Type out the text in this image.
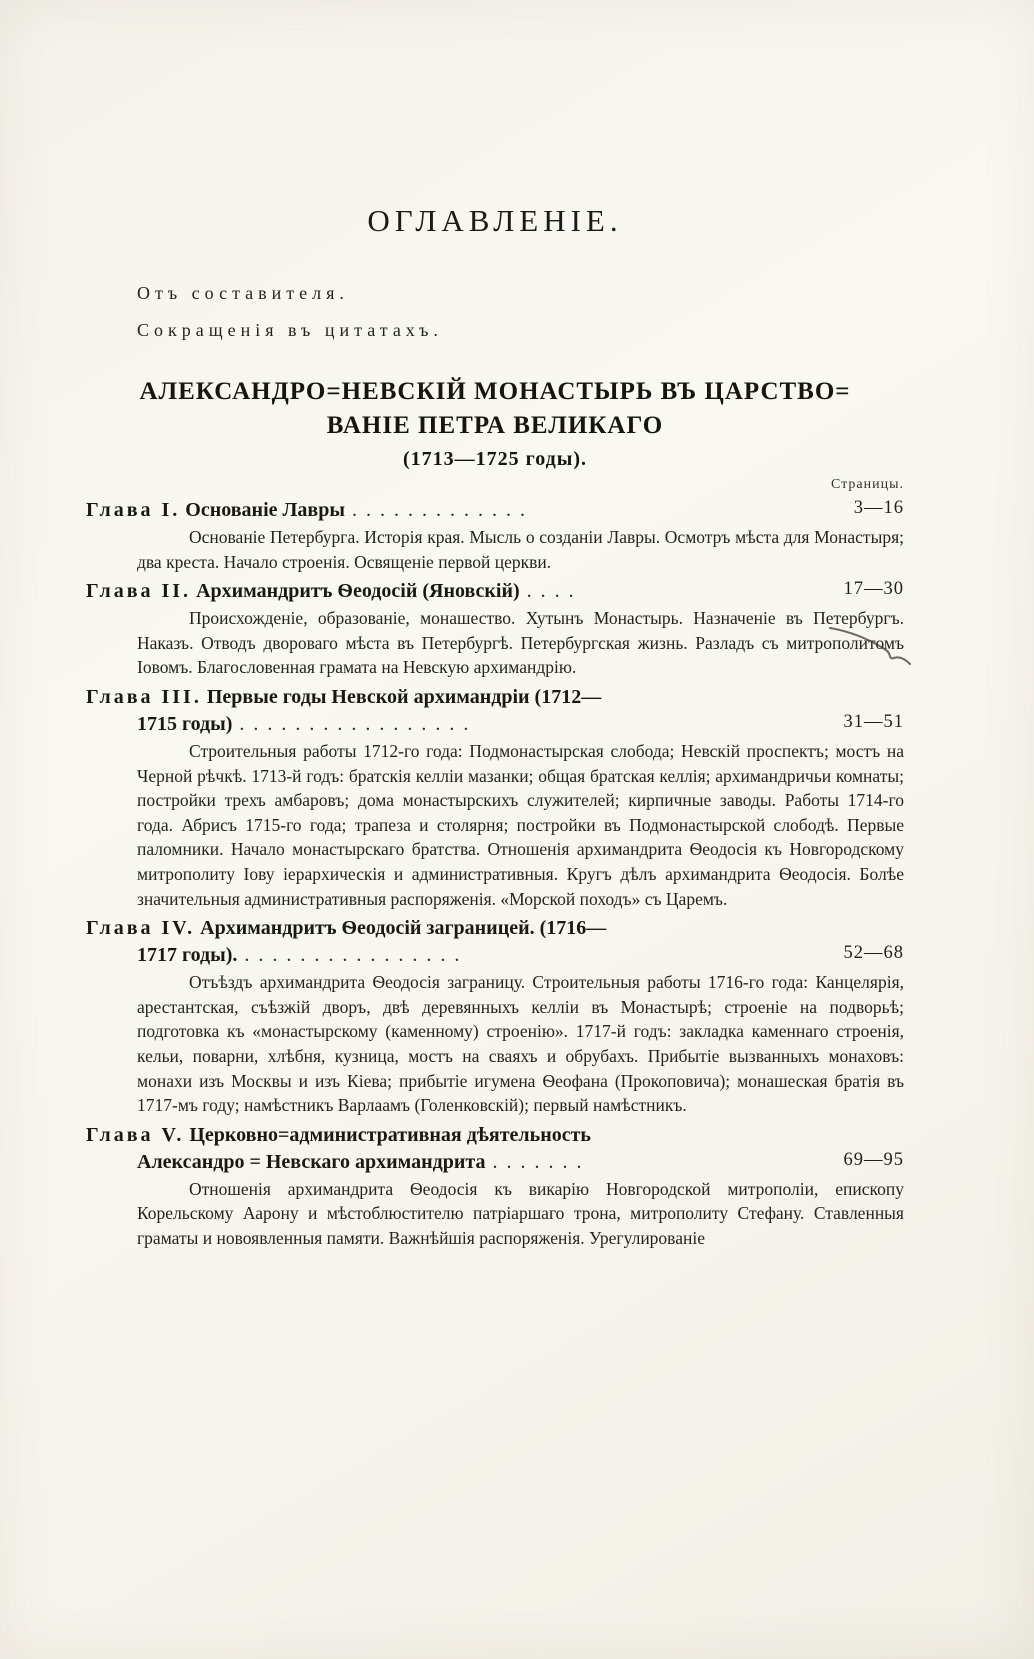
ОГЛАВЛЕНІЕ.
Отъ составителя.
Сокращенія въ цитатахъ.
АЛЕКСАНДРО=НЕВСКІЙ МОНАСТЫРЬ ВЪ ЦАРСТВО=
ВАНІЕ ПЕТРА ВЕЛИКАГО
(1713—1725 годы).
Страницы.
Глава I. Основаніе Лавры . . . . . . . . . . . . .	3—16

Основаніе Петербурга. Исторія края. Мысль о созданіи Лавры. Осмотръ мѣста для Монастыря; два креста. Начало строенія. Освященіе первой церкви.

Глава II. Архимандритъ Ѳеодосій (Яновскій) . . . .	17—30

Происхожденіе, образованіе, монашество. Хутынъ Монастырь. Назначеніе въ Петербургъ. Наказъ. Отводъ двороваго мѣста въ Петербургѣ. Петербургская жизнь. Разладъ съ митрополитомъ Іовомъ. Благословенная грамата на Невскую архимандрію.

Глава III. Первые годы Невской архимандріи (1712—
1715 годы) . . . . . . . . . . . . . . . . .	31—51

Строительныя работы 1712-го года: Подмонастырская слобода; Невскій проспектъ; мостъ на Черной рѣчкѣ. 1713-й годъ: братскія келліи мазанки; общая братская келлія; архимандричьи комнаты; постройки трехъ амбаровъ; дома монастырскихъ служителей; кирпичные заводы. Работы 1714-го года. Абрисъ 1715-го года; трапеза и столярня; постройки въ Подмонастырской слободѣ. Первые паломники. Начало монастырскаго братства. Отношенія архимандрита Ѳеодосія къ Новгородскому митрополиту Іову іерархическія и административныя. Кругъ дѣлъ архимандрита Ѳеодосія. Болѣе значительныя административныя распоряженія. «Морской походъ» съ Царемъ.

Глава IV. Архимандритъ Ѳеодосій заграницей. (1716—
1717 годы). . . . . . . . . . . . . . . . .	52—68

Отъѣздъ архимандрита Ѳеодосія заграницу. Строительныя работы 1716-го года: Канцелярія, арестантская, съѣзжій дворъ, двѣ деревянныхъ келліи въ Монастырѣ; строеніе на подворьѣ; подготовка къ «монастырскому (каменному) строенію». 1717-й годъ: закладка каменнаго строенія, кельи, поварни, хлѣбня, кузница, мостъ на сваяхъ и обрубахъ. Прибытіе вызванныхъ монаховъ: монахи изъ Москвы и изъ Кіева; прибытіе игумена Ѳеофана (Прокоповича); монашеская братія въ 1717-мъ году; намѣстникъ Варлаамъ (Голенковскій); первый намѣстникъ.

Глава V. Церковно=административная дѣятельность
Александро = Невскаго архимандрита . . . . . . .	69—95

Отношенія архимандрита Ѳеодосія къ викарію Новгородской митрополіи, епископу Корельскому Аарону и мѣстоблюстителю патріаршаго трона, митрополиту Стефану. Ставленныя граматы и новоявленныя памяти. Важнѣйшія распоряженія. Урегулированіе
